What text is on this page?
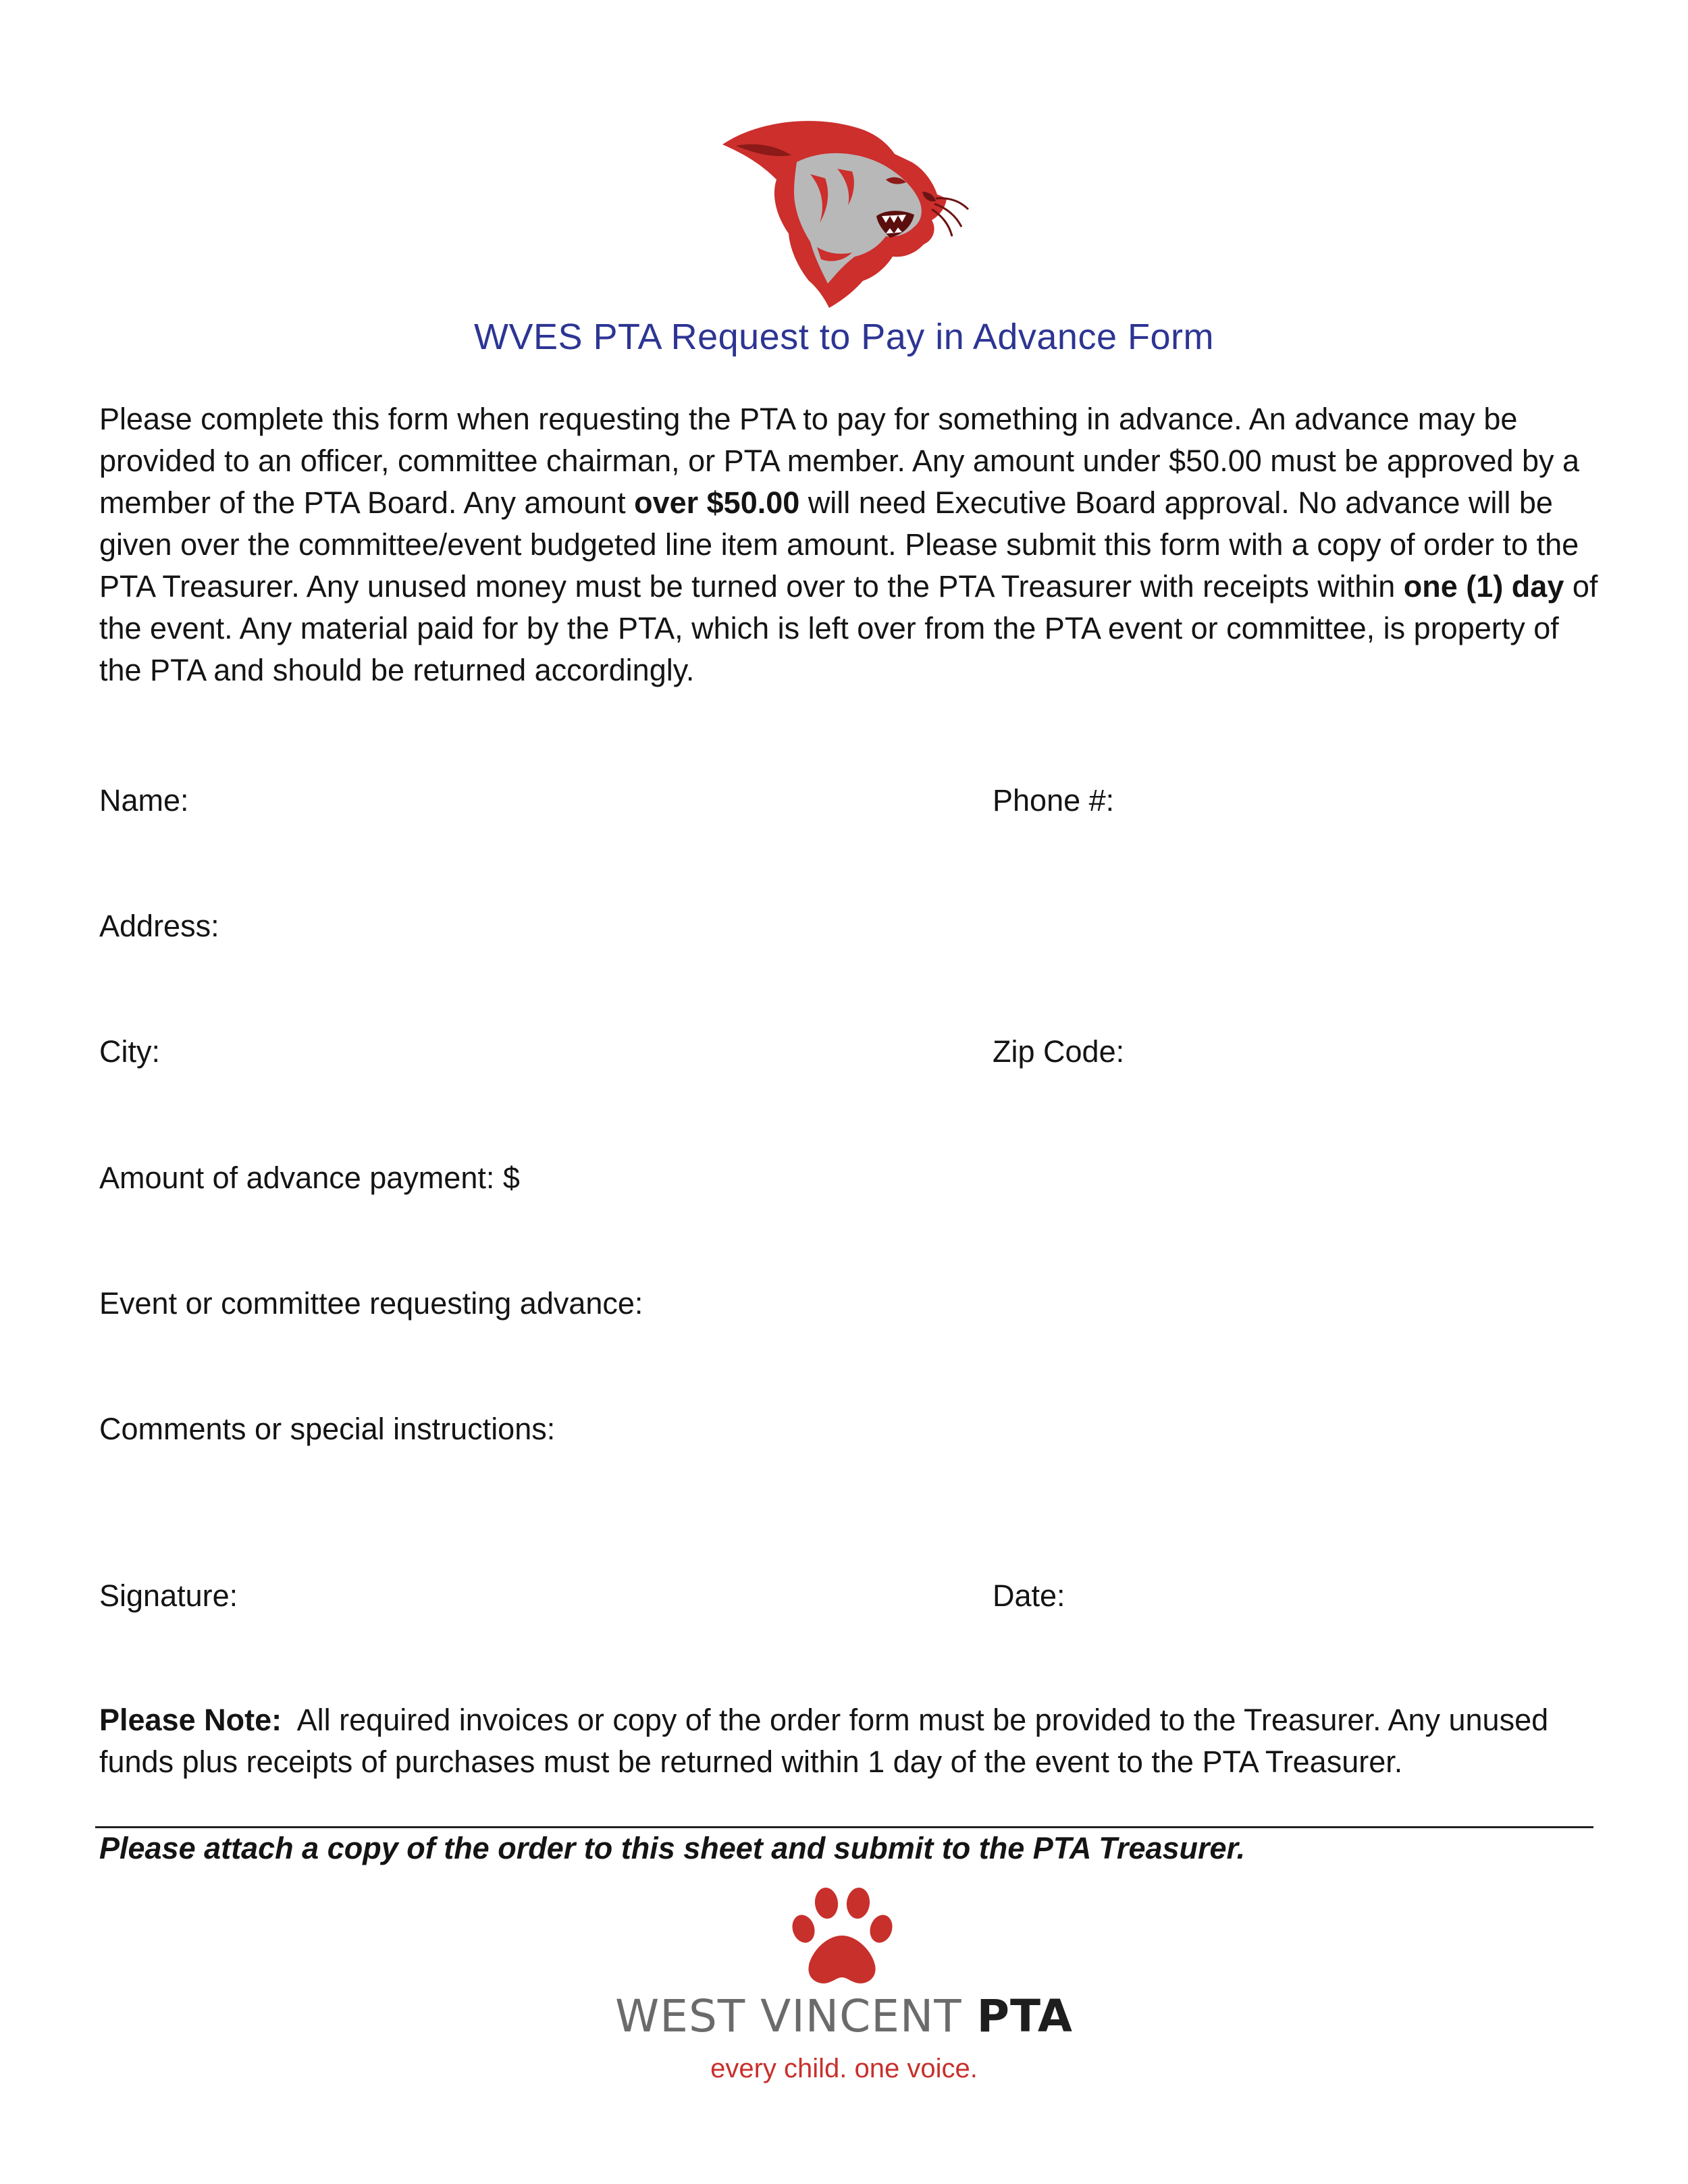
WVES PTA Request to Pay in Advance Form

Please complete this form when requesting the PTA to pay for something in advance. An advance may be provided to an officer, committee chairman, or PTA member. Any amount under $50.00 must be approved by a member of the PTA Board. Any amount over $50.00 will need Executive Board approval. No advance will be given over the committee/event budgeted line item amount. Please submit this form with a copy of order to the PTA Treasurer. Any unused money must be turned over to the PTA Treasurer with receipts within one (1) day of the event. Any material paid for by the PTA, which is left over from the PTA event or committee, is property of the PTA and should be returned accordingly.

Name:	Phone #:
Address:
City:	Zip Code:
Amount of advance payment: $
Event or committee requesting advance:
Comments or special instructions:
Signature:	Date:

Please Note: All required invoices or copy of the order form must be provided to the Treasurer. Any unused funds plus receipts of purchases must be returned within 1 day of the event to the PTA Treasurer.

Please attach a copy of the order to this sheet and submit to the PTA Treasurer.
WEST VINCENT PTA
every child. one voice.
